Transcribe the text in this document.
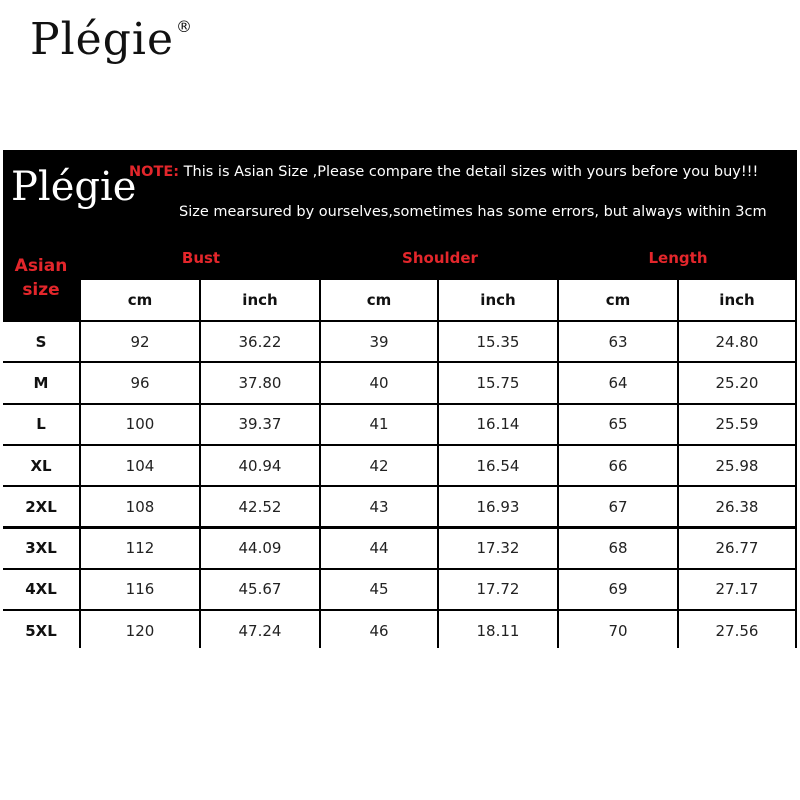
Plégie ®
Plégie
NOTE: This is Asian Size ,Please compare the detail sizes with yours before you buy!!!
Size mearsured by ourselves,sometimes has some errors, but always within 3cm
Asian
size
Bust	Shoulder	Length
cm	inch	cm	inch	cm	inch
S	92	36.22	39	15.35	63	24.80
M	96	37.80	40	15.75	64	25.20
L	100	39.37	41	16.14	65	25.59
XL	104	40.94	42	16.54	66	25.98
2XL	108	42.52	43	16.93	67	26.38
3XL	112	44.09	44	17.32	68	26.77
4XL	116	45.67	45	17.72	69	27.17
5XL	120	47.24	46	18.11	70	27.56
